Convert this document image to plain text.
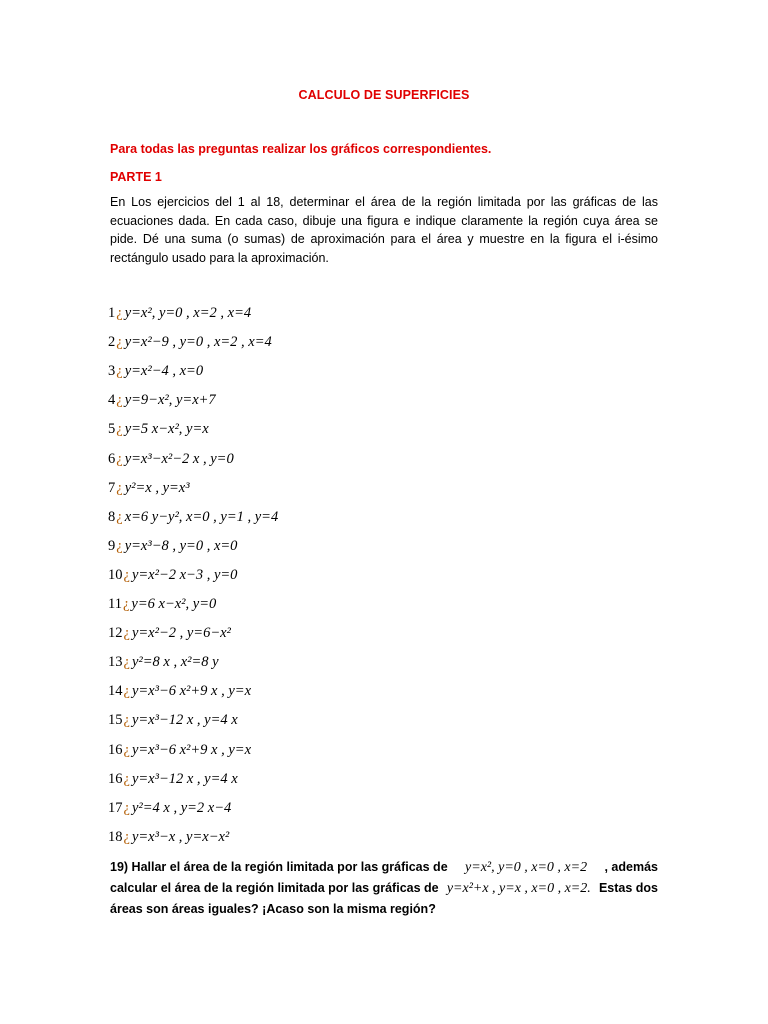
CALCULO DE SUPERFICIES
Para todas las preguntas realizar los gráficos correspondientes.
PARTE 1
En Los ejercicios del 1 al 18, determinar el área de la región limitada por las gráficas de las ecuaciones dada. En cada caso, dibuje una figura e indique claramente la región cuya área se pide. Dé una suma (o sumas) de aproximación para el área y muestre en la figura el i-ésimo rectángulo usado para la aproximación.
1¿ y=x², y=0 , x=2 , x=4
2¿ y=x²−9 , y=0 , x=2 , x=4
3¿ y=x²−4 , x=0
4¿ y=9−x², y=x+7
5¿ y=5 x−x², y=x
6¿ y=x³−x²−2 x , y=0
7¿ y²=x , y=x³
8¿ x=6 y−y², x=0 , y=1 , y=4
9¿ y=x³−8 , y=0 , x=0
10¿ y=x²−2 x−3 , y=0
11¿ y=6 x−x², y=0
12¿ y=x²−2 , y=6−x²
13¿ y²=8 x , x²=8 y
14¿ y=x³−6 x²+9 x , y=x
15¿ y=x³−12 x , y=4 x
16¿ y=x³−6 x²+9 x , y=x
16¿ y=x³−12 x , y=4 x
17¿ y²=4 x , y=2 x−4
18¿ y=x³−x , y=x−x²
19) Hallar el área de la región limitada por las gráficas de y=x², y=0 , x=0 , x=2 , además
calcular el área de la región limitada por las gráficas de y=x²+x , y=x , x=0 , x=2. Estas dos
áreas son áreas iguales? ¡Acaso son la misma región?
